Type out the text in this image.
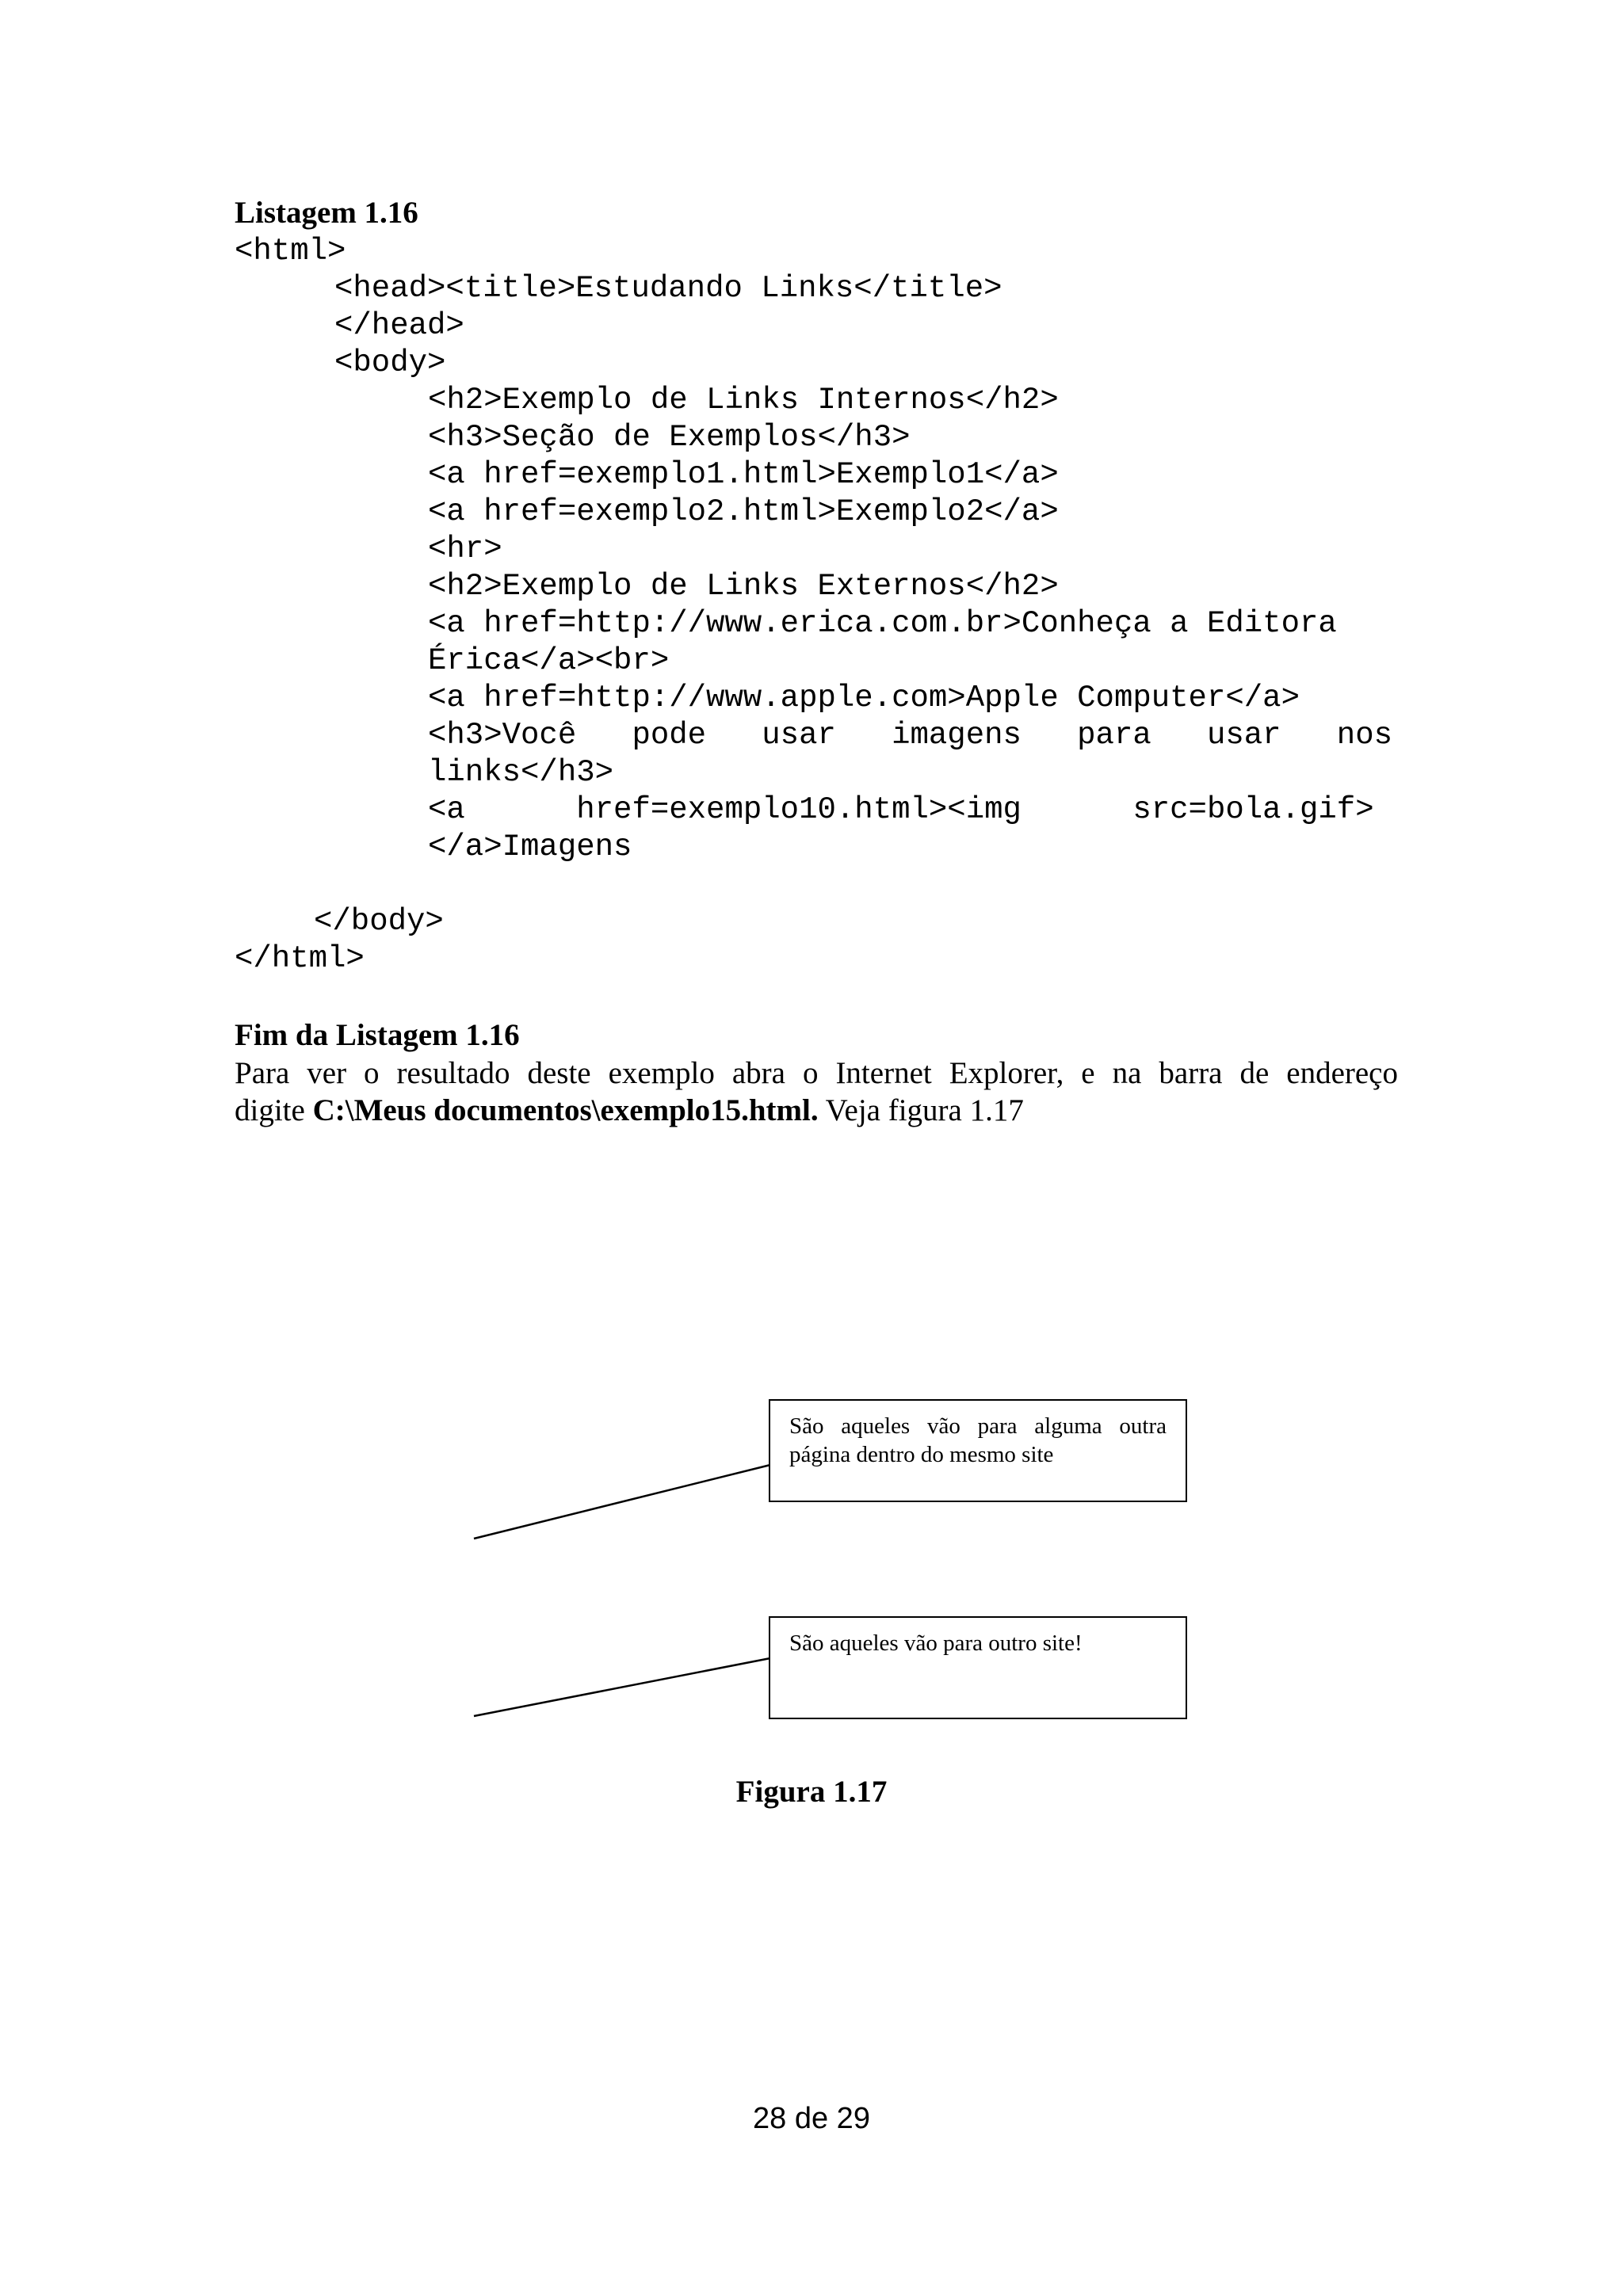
Listagem 1.16
<html>
<head><title>Estudando Links</title>
</head>
<body>
<h2>Exemplo de Links Internos</h2>
<h3>Seção de Exemplos</h3>
<a href=exemplo1.html>Exemplo1</a>
<a href=exemplo2.html>Exemplo2</a>
<hr>
<h2>Exemplo de Links Externos</h2>
<a href=http://www.erica.com.br>Conheça a Editora
Érica</a><br>
<a href=http://www.apple.com>Apple Computer</a>
<h3>Você   pode   usar   imagens   para   usar   nos
links</h3>
<a      href=exemplo10.html><img      src=bola.gif>
</a>Imagens
</body>
</html>
Fim da Listagem 1.16
Para ver o resultado deste exemplo abra o Internet Explorer, e na barra de endereço
digite C:\Meus documentos\exemplo15.html. Veja figura 1.17
São aqueles vão para alguma outra
página dentro do mesmo site
São aqueles vão para outro site!
Figura 1.17
28 de 29
